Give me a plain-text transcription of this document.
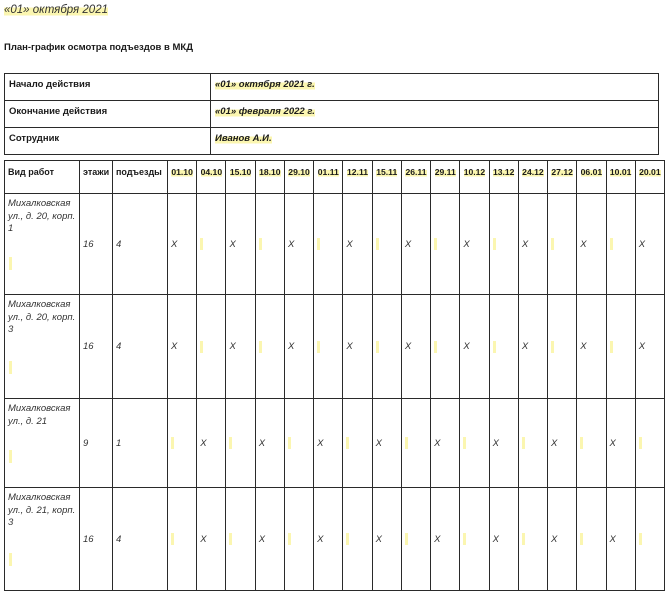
«01» октября 2021
План-график осмотра подъездов в МКД
Начало действия	«01» октября 2021 г.
Окончание действия	«01» февраля 2022 г.
Сотрудник	Иванов А.И.
Вид работ	этажи	подъезды	01.10	04.10	15.10	18.10	29.10	01.11	12.11	15.11	26.11	29.11	10.12	13.12	24.12	27.12	06.01	10.01	20.01

Михалковская ул., д. 20, корп. 1	16	4	X		X		X		X		X		X		X		X		X

Михалковская ул., д. 20, корп. 3	16	4	X		X		X		X		X		X		X		X		X

Михалковская ул., д. 21	9	1		X		X		X		X		X		X		X		X	

Михалковская ул., д. 21, корп. 3	16	4		X		X		X		X		X		X		X		X	
